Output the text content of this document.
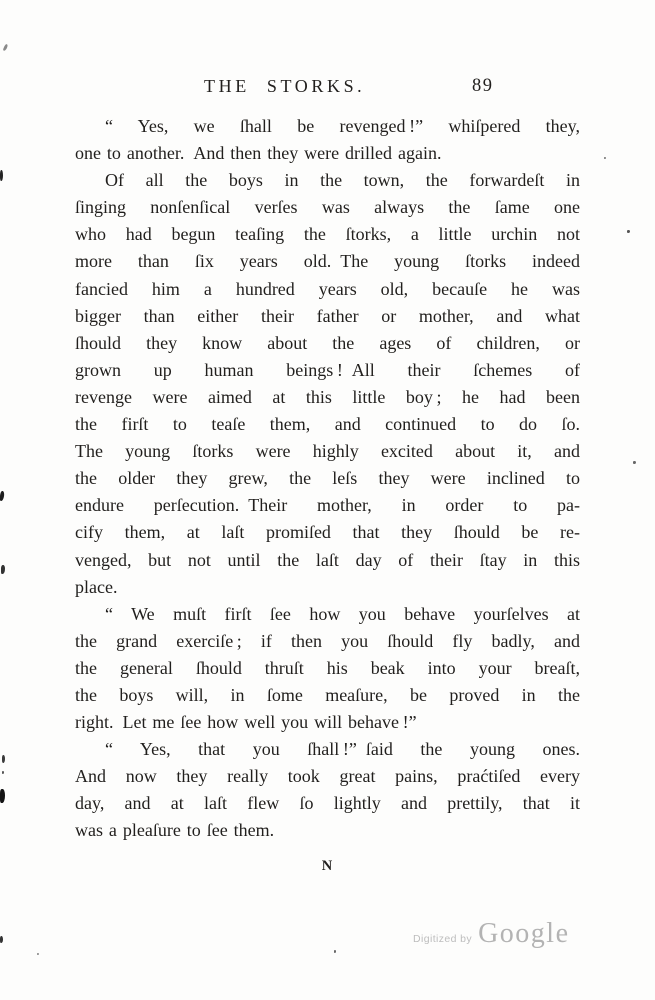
THE STORKS.	89
“ Yes, we ſhall be revenged !” whiſpered they,
one to another. And then they were drilled again.
Of all the boys in the town, the forwardeſt in
ſinging nonſenſical verſes was always the ſame one
who had begun teaſing the ſtorks, a little urchin not
more than ſix years old. The young ſtorks indeed
fancied him a hundred years old, becauſe he was
bigger than either their father or mother, and what
ſhould they know about the ages of children, or
grown up human beings ! All their ſchemes of
revenge were aimed at this little boy ; he had been
the firſt to teaſe them, and continued to do ſo.
The young ſtorks were highly excited about it, and
the older they grew, the leſs they were inclined to
endure perſecution. Their mother, in order to pa-
cify them, at laſt promiſed that they ſhould be re-
venged, but not until the laſt day of their ſtay in this
place.
“ We muſt firſt ſee how you behave yourſelves at
the grand exerciſe ; if then you ſhould fly badly, and
the general ſhould thruſt his beak into your breaſt,
the boys will, in ſome meaſure, be proved in the
right. Let me ſee how well you will behave !”
“ Yes, that you ſhall !” ſaid the young ones.
And now they really took great pains, praćtiſed every
day, and at laſt flew ſo lightly and prettily, that it
was a pleaſure to ſee them.
N
Digitized by Google
